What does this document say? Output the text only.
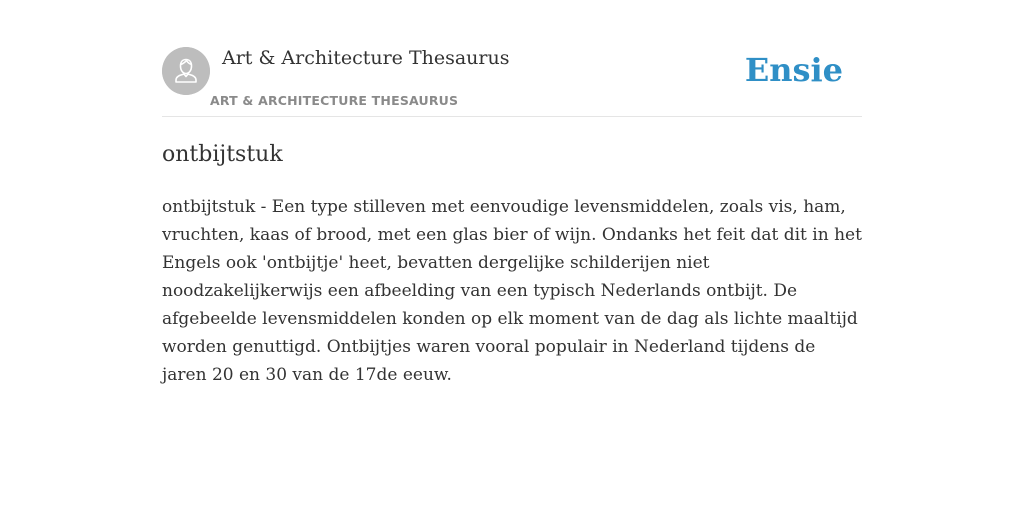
Art & Architecture Thesaurus
ART & ARCHITECTURE THESAURUS
Ensie
ontbijtstuk

ontbijtstuk - Een type stilleven met eenvoudige levensmiddelen, zoals vis, ham, vruchten, kaas of brood, met een glas bier of wijn. Ondanks het feit dat dit in het Engels ook 'ontbijtje' heet, bevatten dergelijke schilderijen niet noodzakelijkerwijs een afbeelding van een typisch Nederlands ontbijt. De afgebeelde levensmiddelen konden op elk moment van de dag als lichte maaltijd worden genuttigd. Ontbijtjes waren vooral populair in Nederland tijdens de jaren 20 en 30 van de 17de eeuw.
